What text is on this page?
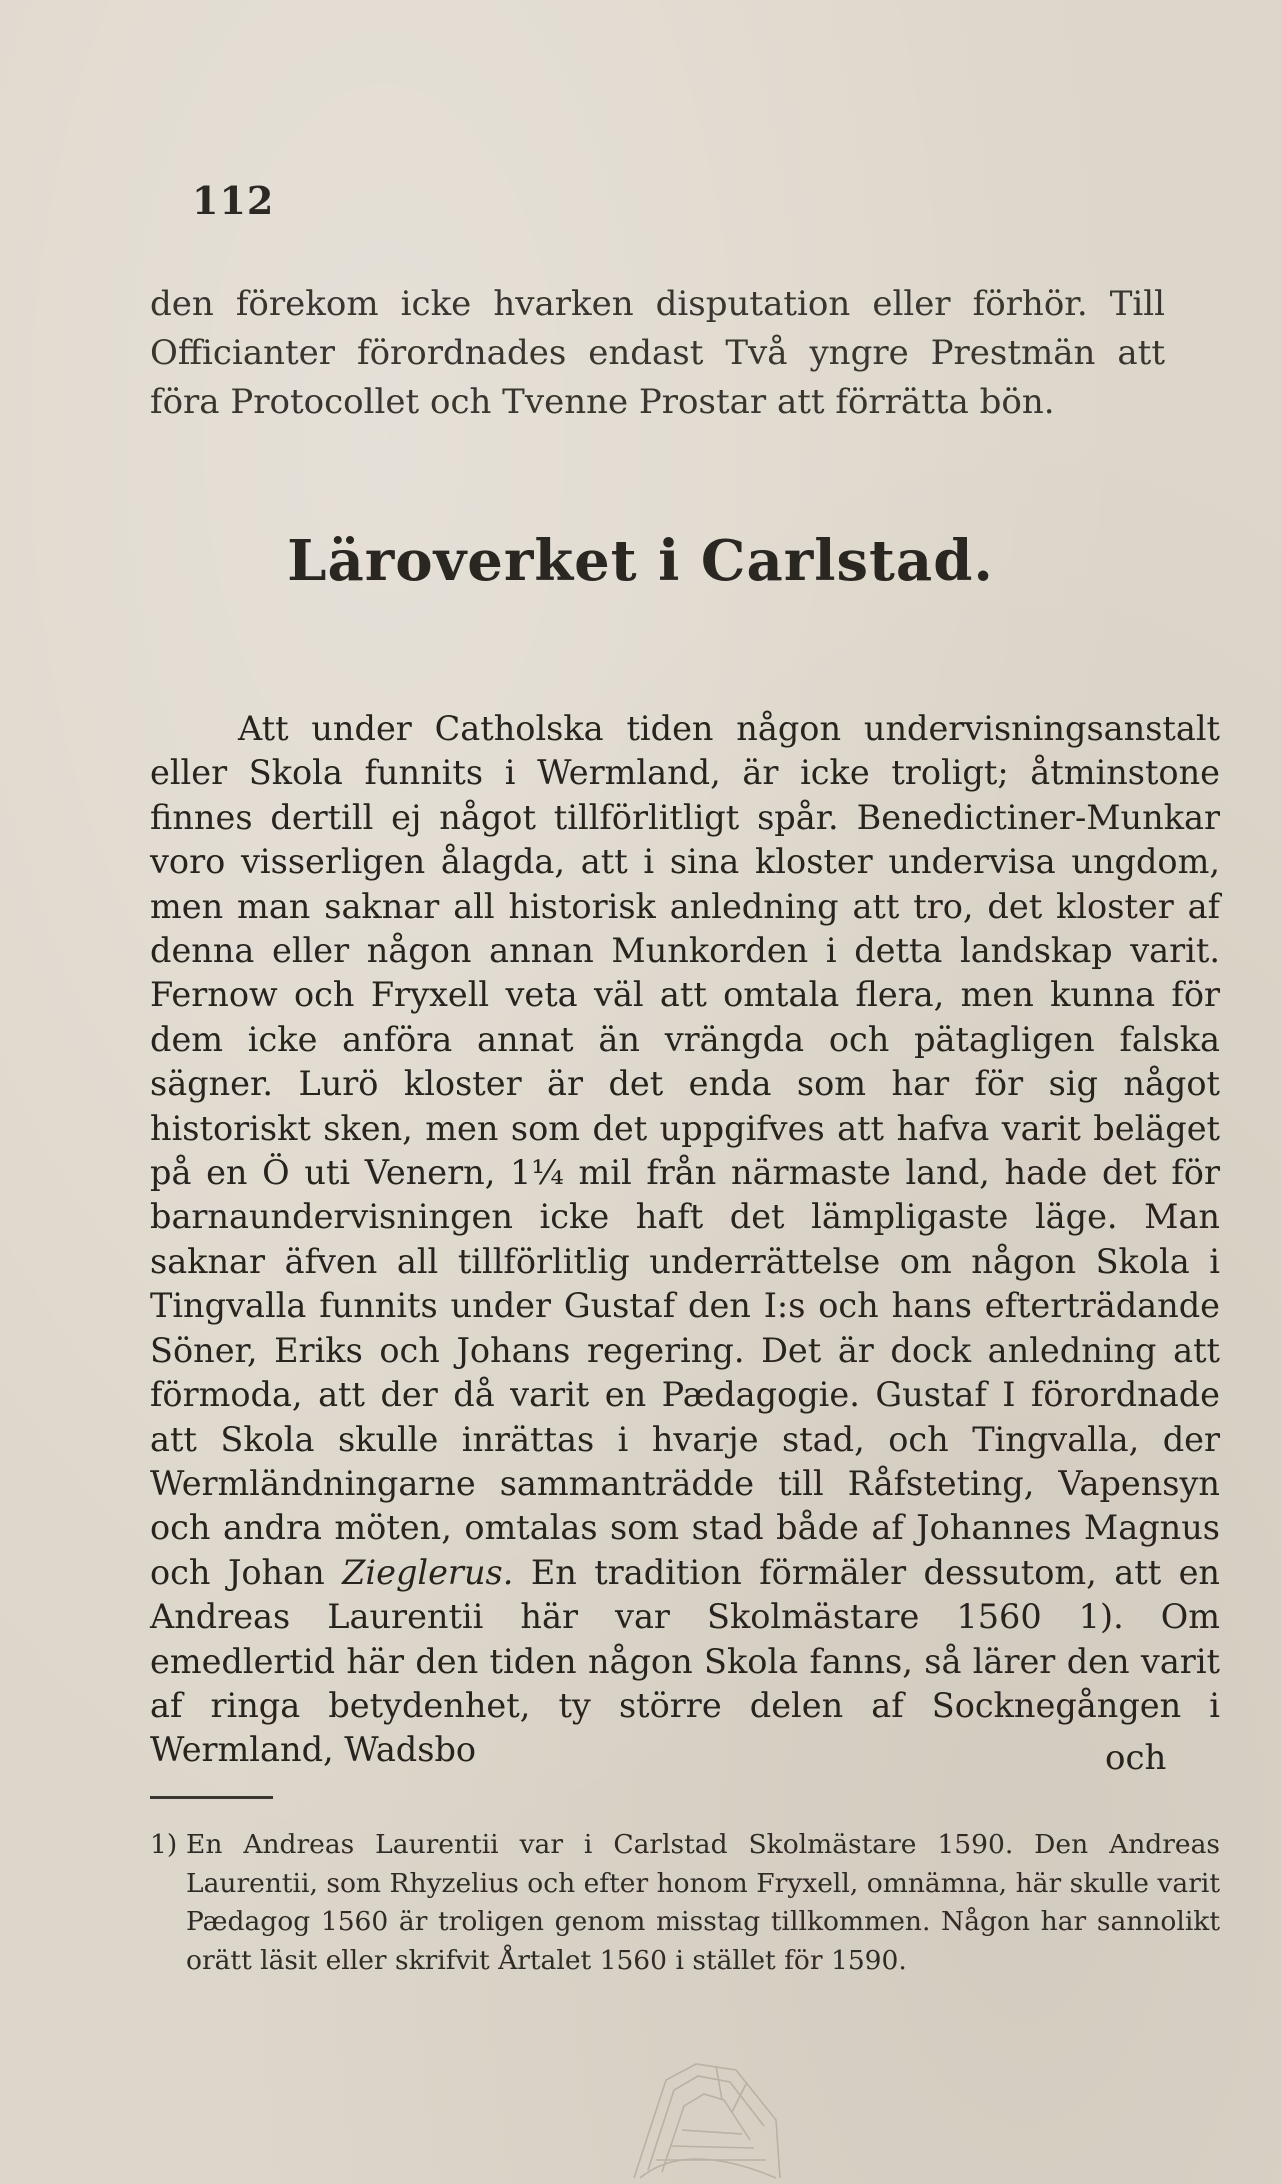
112
den förekom icke hvarken disputation eller förhör. Till Officianter förordnades endast Två yngre Prestmän att föra Protocollet och Tvenne Prostar att förrätta bön.
Läroverket i Carlstad.
Att under Catholska tiden någon undervisningsanstalt eller Skola funnits i Wermland, är icke troligt; åtminstone finnes dertill ej något tillförlitligt spår. Benedictiner-Munkar voro visserligen ålagda, att i sina kloster undervisa ungdom, men man saknar all historisk anledning att tro, det kloster af denna eller någon annan Munkorden i detta landskap varit. Fernow och Fryxell veta väl att omtala flera, men kunna för dem icke anföra annat än vrängda och pätagligen falska sägner. Lurö kloster är det enda som har för sig något historiskt sken, men som det uppgifves att hafva varit beläget på en Ö uti Venern, 1¼ mil från närmaste land, hade det för barnaundervisningen icke haft det lämpligaste läge. Man saknar äfven all tillförlitlig underrättelse om någon Skola i Tingvalla funnits under Gustaf den I:s och hans efterträdande Söner, Eriks och Johans regering. Det är dock anledning att förmoda, att der då varit en Pædagogie. Gustaf I förordnade att Skola skulle inrättas i hvarje stad, och Tingvalla, der Wermländningarne sammanträdde till Råfsteting, Vapensyn och andra möten, omtalas som stad både af Johannes Magnus och Johan Zieglerus. En tradition förmäler dessutom, att en Andreas Laurentii här var Skolmästare 1560 1). Om emedlertid här den tiden någon Skola fanns, så lärer den varit af ringa betydenhet, ty större delen af Socknegången i Wermland, Wadsbo	och
1) En Andreas Laurentii var i Carlstad Skolmästare 1590. Den Andreas Laurentii, som Rhyzelius och efter honom Fryxell, omnämna, här skulle varit Pædagog 1560 är troligen genom misstag tillkommen. Någon har sannolikt orätt läsit eller skrifvit Årtalet 1560 i stället för 1590.
